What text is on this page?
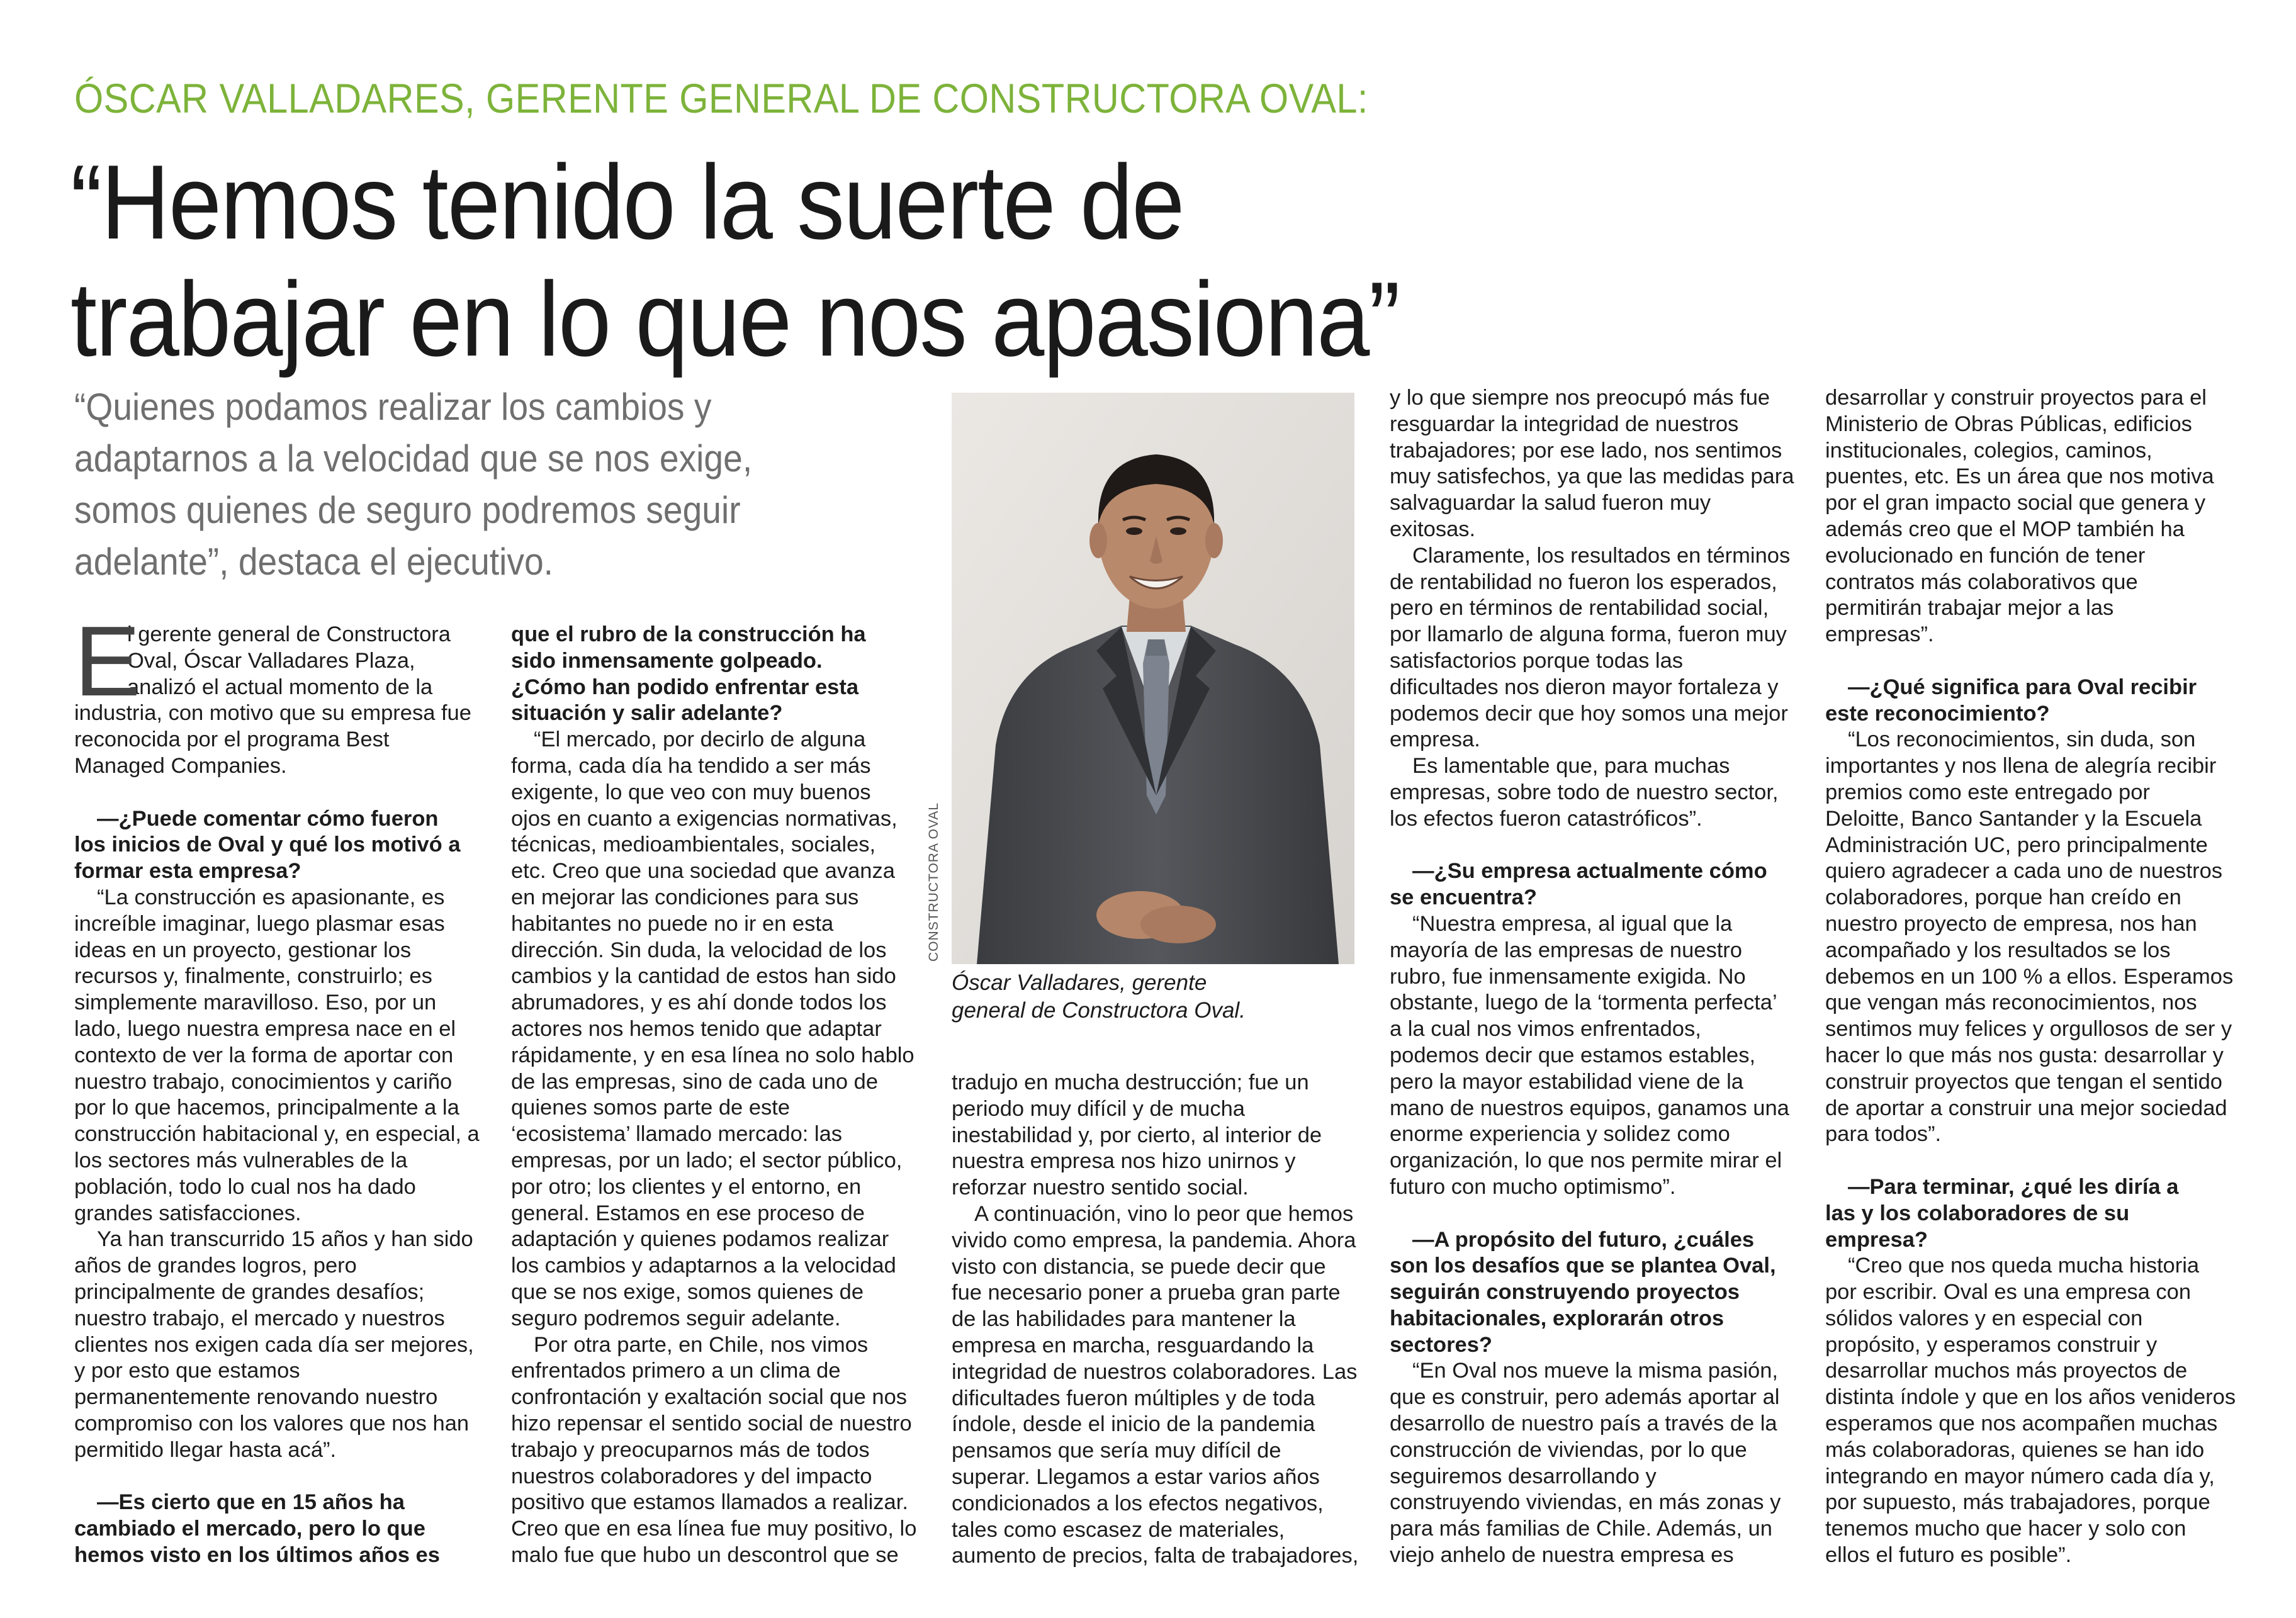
ÓSCAR VALLADARES, GERENTE GENERAL DE CONSTRUCTORA OVAL:
“Hemos tenido la suerte de
trabajar en lo que nos apasiona”
“Quienes podamos realizar los cambios y
adaptarnos a la velocidad que se nos exige,
somos quienes de seguro podremos seguir
adelante”, destaca el ejecutivo.
CONSTRUCTORA OVAL
Óscar Valladares, gerente
general de Constructora Oval.
E
l gerente general de Constructora
Oval, Óscar Valladares Plaza,
analizó el actual momento de la
industria, con motivo que su empresa fue
reconocida por el programa Best
Managed Companies.
—¿Puede comentar cómo fueron
los inicios de Oval y qué los motivó a
formar esta empresa?
“La construcción es apasionante, es
increíble imaginar, luego plasmar esas
ideas en un proyecto, gestionar los
recursos y, finalmente, construirlo; es
simplemente maravilloso. Eso, por un
lado, luego nuestra empresa nace en el
contexto de ver la forma de aportar con
nuestro trabajo, conocimientos y cariño
por lo que hacemos, principalmente a la
construcción habitacional y, en especial, a
los sectores más vulnerables de la
población, todo lo cual nos ha dado
grandes satisfacciones.
Ya han transcurrido 15 años y han sido
años de grandes logros, pero
principalmente de grandes desafíos;
nuestro trabajo, el mercado y nuestros
clientes nos exigen cada día ser mejores,
y por esto que estamos
permanentemente renovando nuestro
compromiso con los valores que nos han
permitido llegar hasta acá”.
—Es cierto que en 15 años ha
cambiado el mercado, pero lo que
hemos visto en los últimos años es
que el rubro de la construcción ha
sido inmensamente golpeado.
¿Cómo han podido enfrentar esta
situación y salir adelante?
“El mercado, por decirlo de alguna
forma, cada día ha tendido a ser más
exigente, lo que veo con muy buenos
ojos en cuanto a exigencias normativas,
técnicas, medioambientales, sociales,
etc. Creo que una sociedad que avanza
en mejorar las condiciones para sus
habitantes no puede no ir en esta
dirección. Sin duda, la velocidad de los
cambios y la cantidad de estos han sido
abrumadores, y es ahí donde todos los
actores nos hemos tenido que adaptar
rápidamente, y en esa línea no solo hablo
de las empresas, sino de cada uno de
quienes somos parte de este
‘ecosistema’ llamado mercado: las
empresas, por un lado; el sector público,
por otro; los clientes y el entorno, en
general. Estamos en ese proceso de
adaptación y quienes podamos realizar
los cambios y adaptarnos a la velocidad
que se nos exige, somos quienes de
seguro podremos seguir adelante.
Por otra parte, en Chile, nos vimos
enfrentados primero a un clima de
confrontación y exaltación social que nos
hizo repensar el sentido social de nuestro
trabajo y preocuparnos más de todos
nuestros colaboradores y del impacto
positivo que estamos llamados a realizar.
Creo que en esa línea fue muy positivo, lo
malo fue que hubo un descontrol que se
tradujo en mucha destrucción; fue un
periodo muy difícil y de mucha
inestabilidad y, por cierto, al interior de
nuestra empresa nos hizo unirnos y
reforzar nuestro sentido social.
A continuación, vino lo peor que hemos
vivido como empresa, la pandemia. Ahora
visto con distancia, se puede decir que
fue necesario poner a prueba gran parte
de las habilidades para mantener la
empresa en marcha, resguardando la
integridad de nuestros colaboradores. Las
dificultades fueron múltiples y de toda
índole, desde el inicio de la pandemia
pensamos que sería muy difícil de
superar. Llegamos a estar varios años
condicionados a los efectos negativos,
tales como escasez de materiales,
aumento de precios, falta de trabajadores,
y lo que siempre nos preocupó más fue
resguardar la integridad de nuestros
trabajadores; por ese lado, nos sentimos
muy satisfechos, ya que las medidas para
salvaguardar la salud fueron muy
exitosas.
Claramente, los resultados en términos
de rentabilidad no fueron los esperados,
pero en términos de rentabilidad social,
por llamarlo de alguna forma, fueron muy
satisfactorios porque todas las
dificultades nos dieron mayor fortaleza y
podemos decir que hoy somos una mejor
empresa.
Es lamentable que, para muchas
empresas, sobre todo de nuestro sector,
los efectos fueron catastróficos”.
—¿Su empresa actualmente cómo
se encuentra?
“Nuestra empresa, al igual que la
mayoría de las empresas de nuestro
rubro, fue inmensamente exigida. No
obstante, luego de la ‘tormenta perfecta’
a la cual nos vimos enfrentados,
podemos decir que estamos estables,
pero la mayor estabilidad viene de la
mano de nuestros equipos, ganamos una
enorme experiencia y solidez como
organización, lo que nos permite mirar el
futuro con mucho optimismo”.
—A propósito del futuro, ¿cuáles
son los desafíos que se plantea Oval,
seguirán construyendo proyectos
habitacionales, explorarán otros
sectores?
“En Oval nos mueve la misma pasión,
que es construir, pero además aportar al
desarrollo de nuestro país a través de la
construcción de viviendas, por lo que
seguiremos desarrollando y
construyendo viviendas, en más zonas y
para más familias de Chile. Además, un
viejo anhelo de nuestra empresa es
desarrollar y construir proyectos para el
Ministerio de Obras Públicas, edificios
institucionales, colegios, caminos,
puentes, etc. Es un área que nos motiva
por el gran impacto social que genera y
además creo que el MOP también ha
evolucionado en función de tener
contratos más colaborativos que
permitirán trabajar mejor a las
empresas”.
—¿Qué significa para Oval recibir
este reconocimiento?
“Los reconocimientos, sin duda, son
importantes y nos llena de alegría recibir
premios como este entregado por
Deloitte, Banco Santander y la Escuela
Administración UC, pero principalmente
quiero agradecer a cada uno de nuestros
colaboradores, porque han creído en
nuestro proyecto de empresa, nos han
acompañado y los resultados se los
debemos en un 100 % a ellos. Esperamos
que vengan más reconocimientos, nos
sentimos muy felices y orgullosos de ser y
hacer lo que más nos gusta: desarrollar y
construir proyectos que tengan el sentido
de aportar a construir una mejor sociedad
para todos”.
—Para terminar, ¿qué les diría a
las y los colaboradores de su
empresa?
“Creo que nos queda mucha historia
por escribir. Oval es una empresa con
sólidos valores y en especial con
propósito, y esperamos construir y
desarrollar muchos más proyectos de
distinta índole y que en los años venideros
esperamos que nos acompañen muchas
más colaboradoras, quienes se han ido
integrando en mayor número cada día y,
por supuesto, más trabajadores, porque
tenemos mucho que hacer y solo con
ellos el futuro es posible”.
